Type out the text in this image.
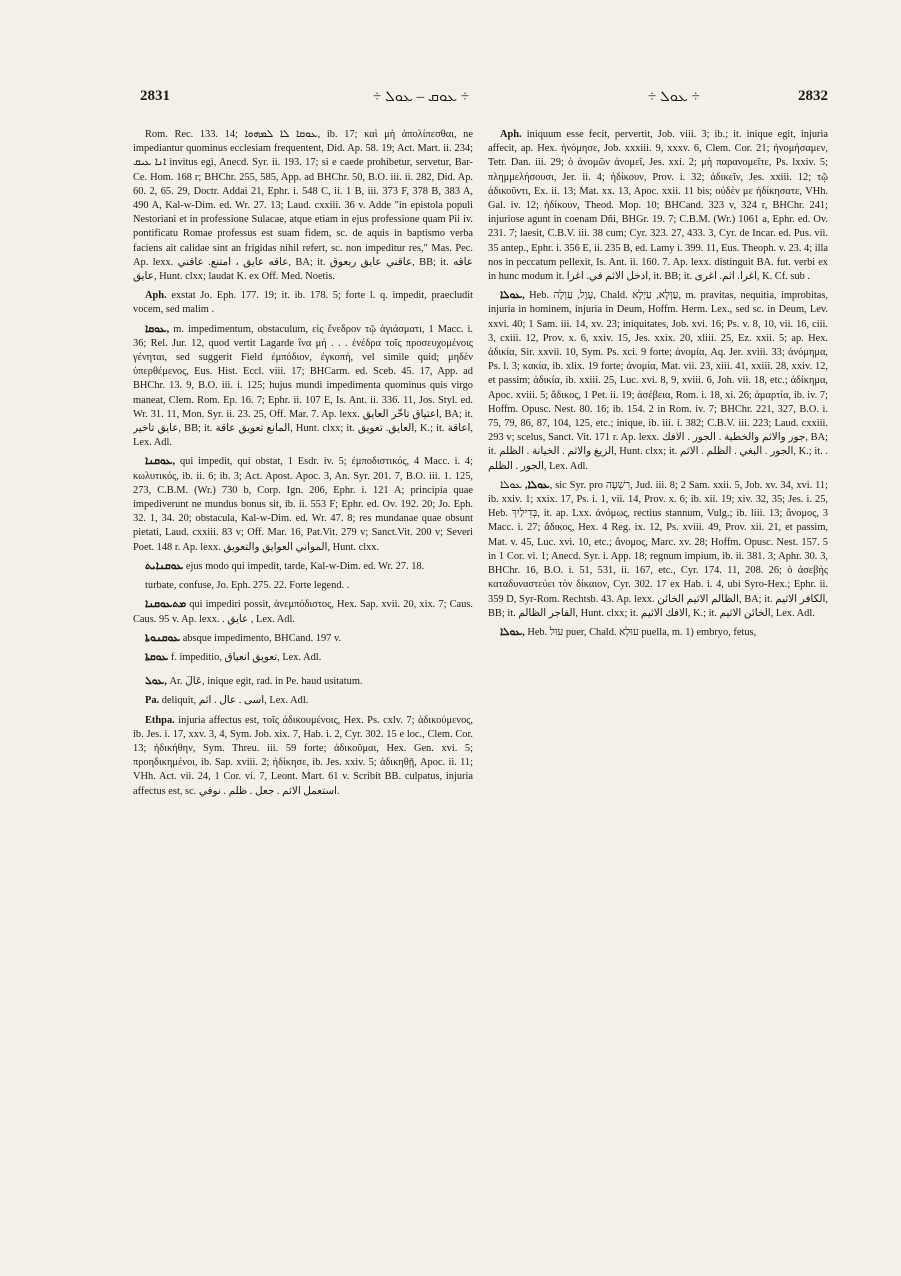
2831	÷ ܥܘܩ – ܥܘܠ ÷	÷ ܥܘܠ ÷	2832

Rom. Rec. 133. 14; ܥܘܩܐ ܠܐ ܠܡܗܘܐ, ib. 17; καὶ μὴ ἀπολίπεσθαι, ne impediantur quominus ecclesiam frequentent, Did. Ap. 58. 19; Act. Mart. ii. 234; ܐܢܐ ܥܝܩ invitus egi, Anecd. Syr. ii. 193. 17; si e caede prohibetur, servetur, Bar-Ce. Hom. 168 r; BHChr. 255, 585, App. ad BHChr. 50, B.O. iii. ii. 282, Did. Ap. 60. 2, 65. 29, Doctr. Addai 21, Ephr. i. 548 C, ii. 1 B, iii. 373 F, 378 B, 383 A, 490 A, Kal-w-Dim. ed. Wr. 27. 13; Laud. cxxiii. 36 v. Adde "in epistola populi Nestoriani et in professione Sulacae, atque etiam in ejus professione quam Pii iv. pontificatu Romae professus est suam fidem, sc. de aquis in baptismo verba faciens ait calidae sint an frigidas nihil refert, sc. non impeditur res," Mas. Pec. Ap. lexx. عاقه عايق ، امتنع. عاقني, BA; it. عاقني عايق ربعوق, BB; it. عاقه عايق, Hunt. clxx; laudat K. ex Off. Med. Noetis.

Aph. exstat Jo. Eph. 177. 19; it. ib. 178. 5; forte l. q. impedit, praecludit vocem, sed malim .

ܥܘܩܐ, m. impedimentum, obstaculum, εἰς ἔνεδρον τῷ ἁγιάσματι, 1 Macc. i. 36; Rel. Jur. 12, quod vertit Lagarde ἵνα μή . . . ἐνέδρα τοῖς προσευχομένοις γένηται, sed suggerit Field ἐμπόδιον, ἐγκοπή, vel simile quid; μηδὲν ὑπερθέμενος, Eus. Hist. Eccl. viii. 17; BHCarm. ed. Sceb. 45. 17, App. ad BHChr. 13. 9, B.O. iii. i. 125; hujus mundi impedimenta quominus quis virgo maneat, Clem. Rom. Ep. 16. 7; Ephr. ii. 107 E, Is. Ant. ii. 336. 11, Jos. Styl. ed. Wr. 31. 11, Mon. Syr. ii. 23. 25, Off. Mar. 7. Ap. lexx. اعتياق تاخّر العايق, BA; it. عايق تاخير, BB; it. المانع تعويق عاقة, Hunt. clxx; it. العايق. تعويق, K.; it. اعاقة, Lex. Adl.

ܥܘܩܢܐ, qui impedit, qui obstat, 1 Esdr. iv. 5; ἐμποδιστικός, 4 Macc. i. 4; κωλυτικός, ib. ii. 6; ib. 3; Act. Apost. Apoc. 3, An. Syr. 201. 7, B.O. iii. 1. 125, 273, C.B.M. (Wr.) 730 b, Corp. Ign. 206, Ephr. i. 121 A; principia quae impediverunt ne mundus bonus sit, ib. ii. 553 F; Ephr. ed. Ov. 192. 20; Jo. Eph. 32. 1, 34. 20; obstacula, Kal-w-Dim. ed. Wr. 47. 8; res mundanae quae obsunt pietati, Laud. cxxiii. 83 v; Off. Mar. 16, Pat.Vit. 279 v; Sanct.Vit. 200 v; Severi Poet. 148 r. Ap. lexx. المواني العوايق والتعويق, Hunt. clxx.

ܥܘܩܢܐܝܬ ejus modo qui impedit, tarde, Kal-w-Dim. ed. Wr. 27. 18.

turbate, confuse, Jo. Eph. 275. 22. Forte legend. .

ܡܬܥܘܩܢܐ qui impediri possit, ἀνεμπόδιστος, Hex. Sap. xvii. 20, xix. 7; Caus. Caus. 95 v. Ap. lexx. . عايق , Lex. Adl.

ܥܘܩܢܘܬܐ absque impedimento, BHCand. 197 v.

ܥܘܩܬܐ f. impeditio, تعويق انعياق, Lex. Adl.

ܥܘܠ, Ar. عَالَ, inique egit, rad. in Pe. haud usitatum.

Pa. deliquit, اسى . عال . اثم, Lex. Adl.

Ethpa. injuria affectus est, τοῖς ἀδικουμένοις, Hex. Ps. cxlv. 7; ἀδικούμενος, ib. Jes. i. 17, xxv. 3, 4, Sym. Job. xix. 7, Hab. i. 2, Cyr. 302. 15 e loc., Clem. Cor. 13; ἠδικήθην, Sym. Threu. iii. 59 forte; ἀδικοῦμαι, Hex. Gen. xvi. 5; προηδικημένοι, ib. Sap. xviii. 2; ἠδίκησε, ib. Jes. xxiv. 5; ἀδικηθῇ, Apoc. ii. 11; VHh. Act. vii. 24, 1 Cor. vi. 7, Leont. Mart. 61 v. Scribit BB. culpatus, injuria affectus est, sc. استعمل الاثم . جعل . ظلم . نوفي.

Aph. iniquum esse fecit, pervertit, Job. viii. 3; ib.; it. inique egit, injuria affecit, ap. Hex. ἠνόμησε, Job. xxxiii. 9, xxxv. 6, Clem. Cor. 21; ἠνομήσαμεν, Tetr. Dan. iii. 29; ὁ ἀνομῶν ἀνομεῖ, Jes. xxi. 2; μὴ παρανομεῖτε, Ps. lxxiv. 5; πλημμελήσουσι, Jer. ii. 4; ἠδίκουν, Prov. i. 32; ἀδικεῖν, Jes. xxiii. 12; τῷ ἀδικοῦντι, Ex. ii. 13; Mat. xx. 13, Apoc. xxii. 11 bis; οὐδὲν με ἠδίκησατε, VHh. Gal. iv. 12; ἠδίκουν, Theod. Mop. 10; BHCand. 323 v, 324 r, BHChr. 241; injuriose agunt in coenam Dñi, BHGr. 19. 7; C.B.M. (Wr.) 1061 a, Ephr. ed. Ov. 231. 7; laesit, C.B.V. iii. 38 cum; Cyr. 323. 27, 433. 3, Cyr. de Incar. ed. Pus. vii. 35 antep., Ephr. i. 356 E, ii. 235 B, ed. Lamy i. 399. 11, Eus. Theoph. v. 23. 4; illa nos in peccatum pellexit, Is. Ant. ii. 160. 7. Ap. lexx. distinguit BA. fut. verbi ex in hunc modum it. ادخل الاثم في. اغرا, it. BB; it. اغرا. اثم. اغرى, K. Cf. sub .

ܥܘܠܐ, Heb. עָוֶל, עַוְלָה, Chald. עַוְלָא, עַיְלָא, m. pravitas, nequitia, improbitas, injuria in hominem, injuria in Deum, Hoffm. Herm. Lex., sed sc. in Deum, Lev. xxvi. 40; 1 Sam. iii. 14, xv. 23; iniquitates, Job. xvi. 16; Ps. v. 8, 10, vii. 16, ciii. 3, cxiii. 12, Prov. x. 6, xxiv. 15, Jes. xxix. 20, xliii. 25, Ez. xxii. 5; ap. Hex. ἀδικία, Sir. xxvii. 10, Sym. Ps. xci. 9 forte; ἀνομία, Aq. Jer. xviii. 33; ἀνόμημα, Ps. l. 3; κακία, ib. xlix. 19 forte; ἀνομία, Mat. vii. 23, xiii. 41, xxiii. 28, xxiv. 12, et passim; ἀδικία, ib. xxiii. 25, Luc. xvi. 8, 9, xviii. 6, Joh. vii. 18, etc.; ἀδίκημα, Apoc. xviii. 5; ἄδικος, 1 Pet. ii. 19; ἀσέβεια, Rom. i. 18, xi. 26; ἁμαρτία, ib. iv. 7; Hoffm. Opusc. Nest. 80. 16; ib. 154. 2 in Rom. iv. 7; BHChr. 221, 327, B.O. i. 75, 79, 86, 87, 104, 125, etc.; inique, ib. iii. i. 382; C.B.V. iii. 223; Laud. cxxiii. 293 v; scelus, Sanct. Vit. 171 r. Ap. lexx. جور والاثم والخطية . الجور . الافك, BA; it. الزيغ والاثم . الخيانة . الظلم, Hunt. clxx; it. الجور . البغي . الظلم . الاثم, K.; it. . الجور . الظلم, Lex. Adl.

ܥܘܠܐ, ܥܘܠܐ, sic Syr. pro רִשְׁעָה, Jud. iii. 8; 2 Sam. xxii. 5, Job. xv. 34, xvi. 11; ib. xxiv. 1; xxix. 17, Ps. i. 1, vii. 14, Prov. x. 6; ib. xii. 19; xiv. 32, 35; Jes. i. 25, Heb. ‏בְּדִילַיִךְ‎, it. ap. Lxx. ἀνόμως, rectius stannum, Vulg.; ib. liii. 13; ἄνομος, 3 Macc. i. 27; ἄδικος, Hex. 4 Reg. ix. 12, Ps. xviii. 49, Prov. xii. 21, et passim, Mat. v. 45, Luc. xvi. 10, etc.; ἄνομος, Marc. xv. 28; Hoffm. Opusc. Nest. 157. 5 in 1 Cor. vi. 1; Anecd. Syr. i. App. 18; regnum impium, ib. ii. 381. 3; Aphr. 30. 3, BHChr. 16, B.O. i. 51, 531, ii. 167, etc., Cyr. 174. 11, 208. 26; ὁ ἀσεβὴς καταδυναστεύει τὸν δίκαιον, Cyr. 302. 17 ex Hab. i. 4, ubi Syro-Hex.; Ephr. ii. 359 D, Syr-Rom. Rechtsb. 43. Ap. lexx. الظالم الاثيم الخائن, BA; it. الكافر الاثيم, BB; it. الفاجر الظالم, Hunt. clxx; it. الافك الاثيم, K.; it. الخائن الاثيم, Lex. Adl.

ܥܘܠܐ, Heb. עוּל puer, Chald. עוּלָא puella, m. 1) embryo, fetus,
